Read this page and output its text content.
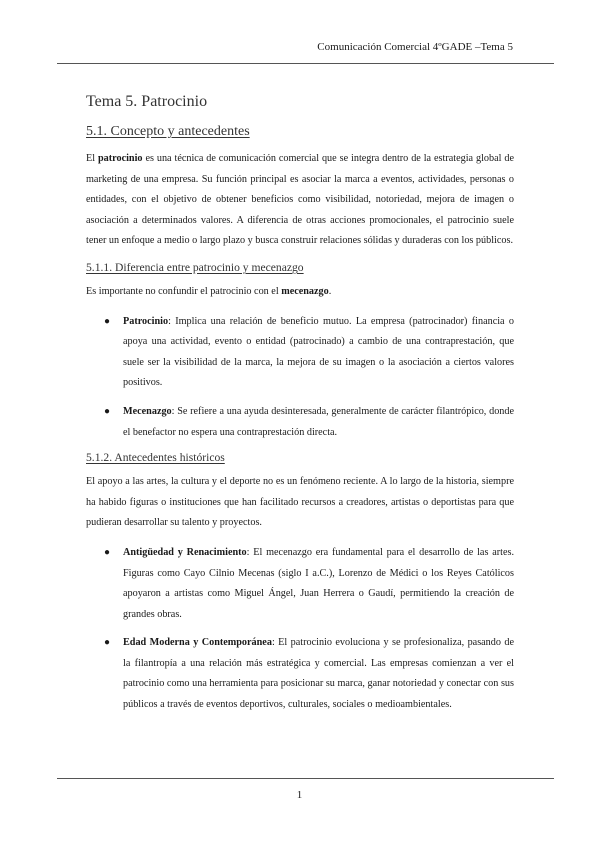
Comunicación Comercial 4ºGADE –Tema 5
Tema 5. Patrocinio
5.1. Concepto y antecedentes

El patrocinio es una técnica de comunicación comercial que se integra dentro de la estrategia global de marketing de una empresa. Su función principal es asociar la marca a eventos, actividades, personas o entidades, con el objetivo de obtener beneficios como visibilidad, notoriedad, mejora de imagen o asociación a determinados valores. A diferencia de otras acciones promocionales, el patrocinio suele tener un enfoque a medio o largo plazo y busca construir relaciones sólidas y duraderas con los públicos.

5.1.1. Diferencia entre patrocinio y mecenazgo

Es importante no confundir el patrocinio con el mecenazgo.

● Patrocinio: Implica una relación de beneficio mutuo. La empresa (patrocinador) financia o apoya una actividad, evento o entidad (patrocinado) a cambio de una contraprestación, que suele ser la visibilidad de la marca, la mejora de su imagen o la asociación a ciertos valores positivos.
● Mecenazgo: Se refiere a una ayuda desinteresada, generalmente de carácter filantrópico, donde el benefactor no espera una contraprestación directa.
5.1.2. Antecedentes históricos

El apoyo a las artes, la cultura y el deporte no es un fenómeno reciente. A lo largo de la historia, siempre ha habido figuras o instituciones que han facilitado recursos a creadores, artistas o deportistas para que pudieran desarrollar su talento y proyectos.

● Antigüedad y Renacimiento: El mecenazgo era fundamental para el desarrollo de las artes. Figuras como Cayo Cilnio Mecenas (siglo I a.C.), Lorenzo de Médici o los Reyes Católicos apoyaron a artistas como Miguel Ángel, Juan Herrera o Gaudí, permitiendo la creación de grandes obras.
● Edad Moderna y Contemporánea: El patrocinio evoluciona y se profesionaliza, pasando de la filantropía a una relación más estratégica y comercial. Las empresas comienzan a ver el patrocinio como una herramienta para posicionar su marca, ganar notoriedad y conectar con sus públicos a través de eventos deportivos, culturales, sociales o medioambientales.
1
